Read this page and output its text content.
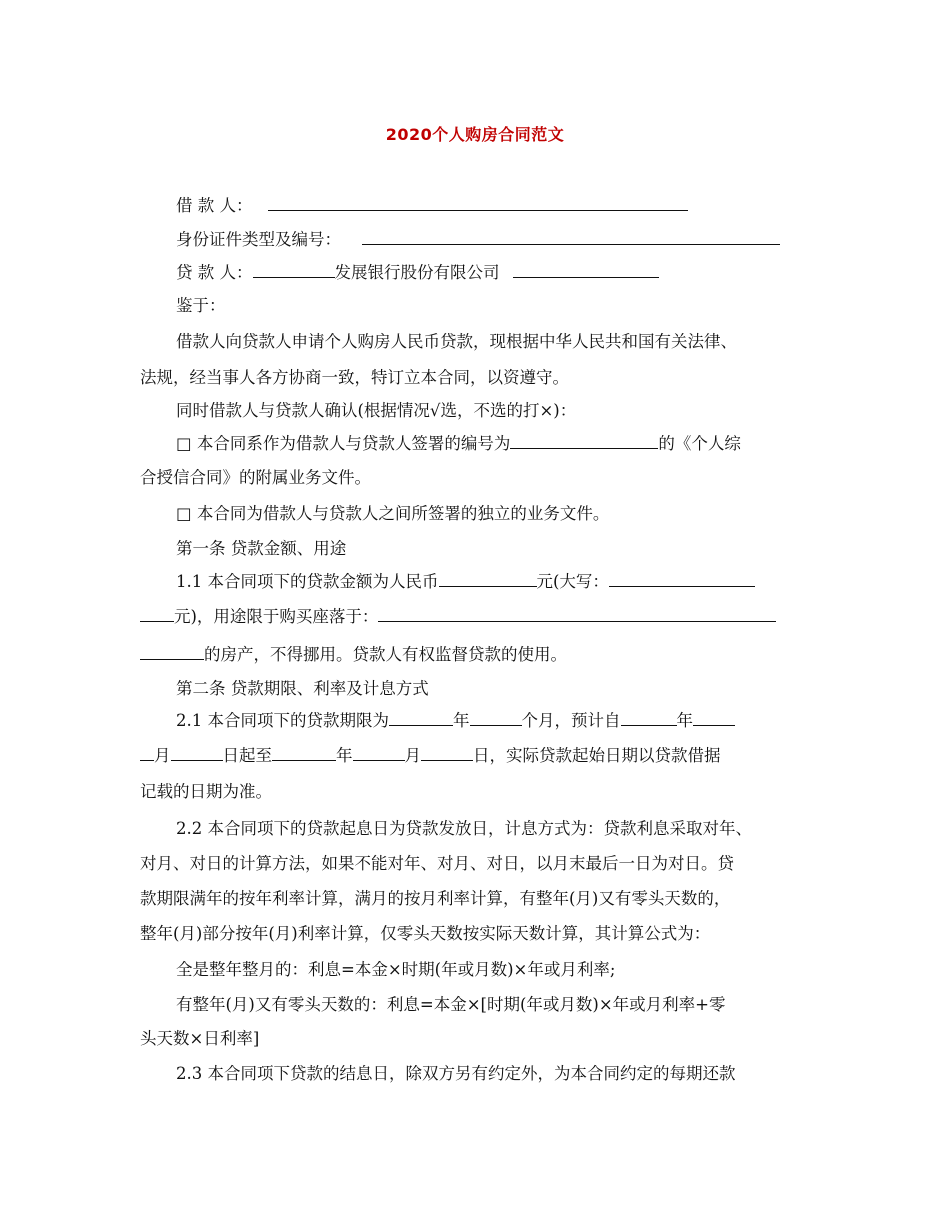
2020个人购房合同范文
借 款 人：
身份证件类型及编号：
贷 款 人：	发展银行股份有限公司
鉴于：
借款人向贷款人申请个人购房人民币贷款，现根据中华人民共和国有关法律、
法规，经当事人各方协商一致，特订立本合同，以资遵守。
同时借款人与贷款人确认(根据情况√选，不选的打×)：
□ 本合同系作为借款人与贷款人签署的编号为	的《个人综
合授信合同》的附属业务文件。
□ 本合同为借款人与贷款人之间所签署的独立的业务文件。
第一条 贷款金额、用途
1.1 本合同项下的贷款金额为人民币	元(大写：
元)，用途限于购买座落于：
的房产，不得挪用。贷款人有权监督贷款的使用。
第二条 贷款期限、利率及计息方式
2.1 本合同项下的贷款期限为	年	个月，预计自	年
月	日起至	年	月	日，实际贷款起始日期以贷款借据
记载的日期为准。
2.2 本合同项下的贷款起息日为贷款发放日，计息方式为：贷款利息采取对年、
对月、对日的计算方法，如果不能对年、对月、对日，以月末最后一日为对日。贷
款期限满年的按年利率计算，满月的按月利率计算，有整年(月)又有零头天数的，
整年(月)部分按年(月)利率计算，仅零头天数按实际天数计算，其计算公式为：
全是整年整月的：利息=本金×时期(年或月数)×年或月利率;
有整年(月)又有零头天数的：利息=本金×[时期(年或月数)×年或月利率+零
头天数×日利率]
2.3 本合同项下贷款的结息日，除双方另有约定外，为本合同约定的每期还款
